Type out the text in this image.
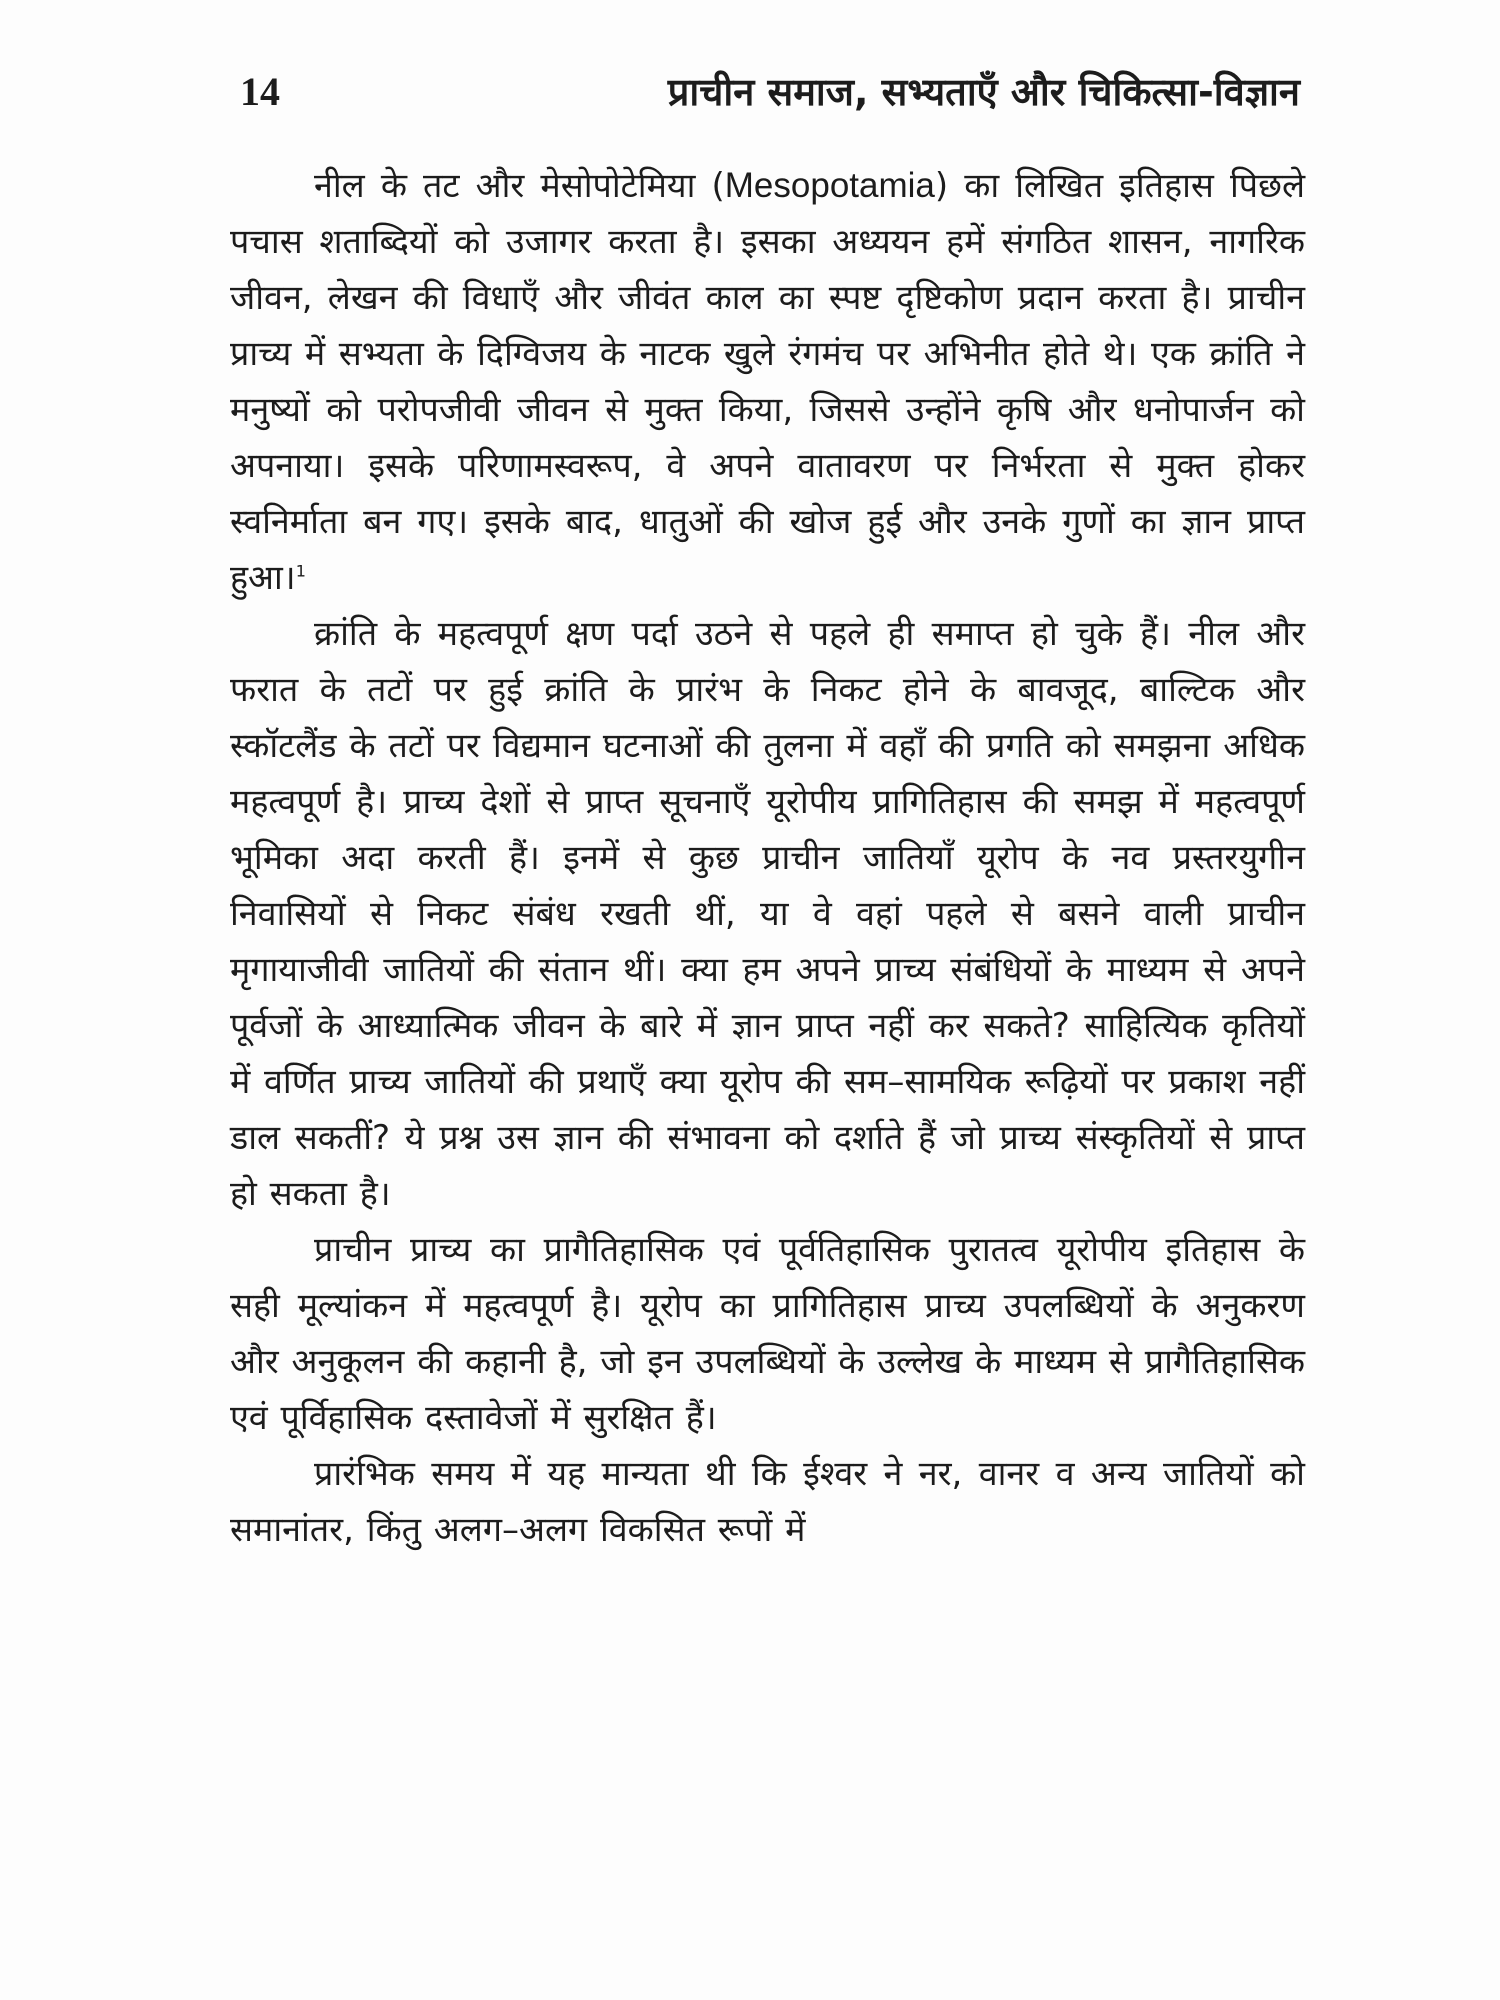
14	प्राचीन समाज, सभ्यताएँ और चिकित्सा-विज्ञान

नील के तट और मेसोपोटेमिया (Mesopotamia) का लिखित इतिहास पिछले पचास शताब्दियों को उजागर करता है। इसका अध्ययन हमें संगठित शासन, नागरिक जीवन, लेखन की विधाएँ और जीवंत काल का स्पष्ट दृष्टिकोण प्रदान करता है। प्राचीन प्राच्य में सभ्यता के दिग्विजय के नाटक खुले रंगमंच पर अभिनीत होते थे। एक क्रांति ने मनुष्यों को परोपजीवी जीवन से मुक्त किया, जिससे उन्होंने कृषि और धनोपार्जन को अपनाया। इसके परिणामस्वरूप, वे अपने वातावरण पर निर्भरता से मुक्त होकर स्वनिर्माता बन गए। इसके बाद, धातुओं की खोज हुई और उनके गुणों का ज्ञान प्राप्त हुआ।$^1$

क्रांति के महत्वपूर्ण क्षण पर्दा उठने से पहले ही समाप्त हो चुके हैं। नील और फरात के तटों पर हुई क्रांति के प्रारंभ के निकट होने के बावजूद, बाल्टिक और स्कॉटलैंड के तटों पर विद्यमान घटनाओं की तुलना में वहाँ की प्रगति को समझना अधिक महत्वपूर्ण है। प्राच्य देशों से प्राप्त सूचनाएँ यूरोपीय प्रागितिहास की समझ में महत्वपूर्ण भूमिका अदा करती हैं। इनमें से कुछ प्राचीन जातियाँ यूरोप के नव प्रस्तरयुगीन निवासियों से निकट संबंध रखती थीं, या वे वहां पहले से बसने वाली प्राचीन मृगायाजीवी जातियों की संतान थीं। क्या हम अपने प्राच्य संबंधियों के माध्यम से अपने पूर्वजों के आध्यात्मिक जीवन के बारे में ज्ञान प्राप्त नहीं कर सकते? साहित्यिक कृतियों में वर्णित प्राच्य जातियों की प्रथाएँ क्या यूरोप की सम–सामयिक रूढ़ियों पर प्रकाश नहीं डाल सकतीं? ये प्रश्न उस ज्ञान की संभावना को दर्शाते हैं जो प्राच्य संस्कृतियों से प्राप्त हो सकता है।

प्राचीन प्राच्य का प्रागैतिहासिक एवं पूर्वतिहासिक पुरातत्व यूरोपीय इतिहास के सही मूल्यांकन में महत्वपूर्ण है। यूरोप का प्रागितिहास प्राच्य उपलब्धियों के अनुकरण और अनुकूलन की कहानी है, जो इन उपलब्धियों के उल्लेख के माध्यम से प्रागैतिहासिक एवं पूर्विहासिक दस्तावेजों में सुरक्षित हैं।

प्रारंभिक समय में यह मान्यता थी कि ईश्वर ने नर, वानर व अन्य जातियों को समानांतर, किंतु अलग–अलग विकसित रूपों में
